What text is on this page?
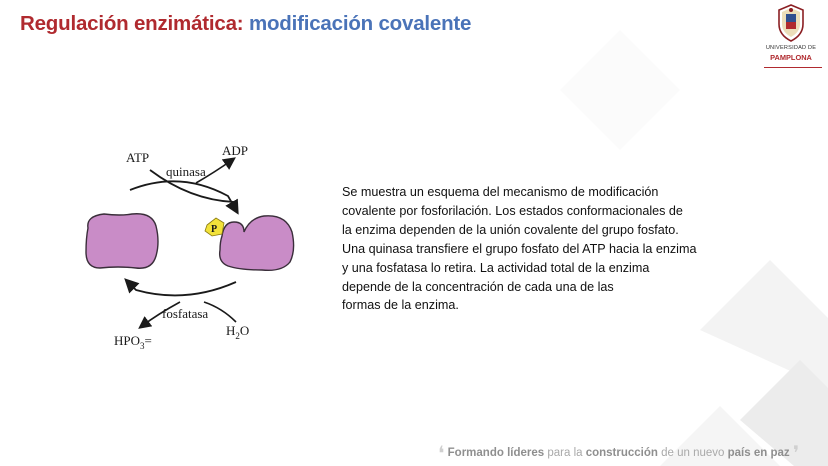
Regulación enzimática: modificación covalente
UNIVERSIDAD DE
PAMPLONA
P
ATP	ADP
quinasa
fosfatasa
$HPO_3=$
$H_2O$
Se muestra un esquema del mecanismo de modificación
covalente por fosforilación. Los estados conformacionales de
la enzima dependen de la unión covalente del grupo fosfato.
Una quinasa transfiere el grupo fosfato del ATP hacia la enzima
y una fosfatasa lo retira. La actividad total de la enzima
depende de la concentración de cada una de las
formas de la enzima.
❛ Formando líderes para la construcción de un nuevo país en paz ❜
